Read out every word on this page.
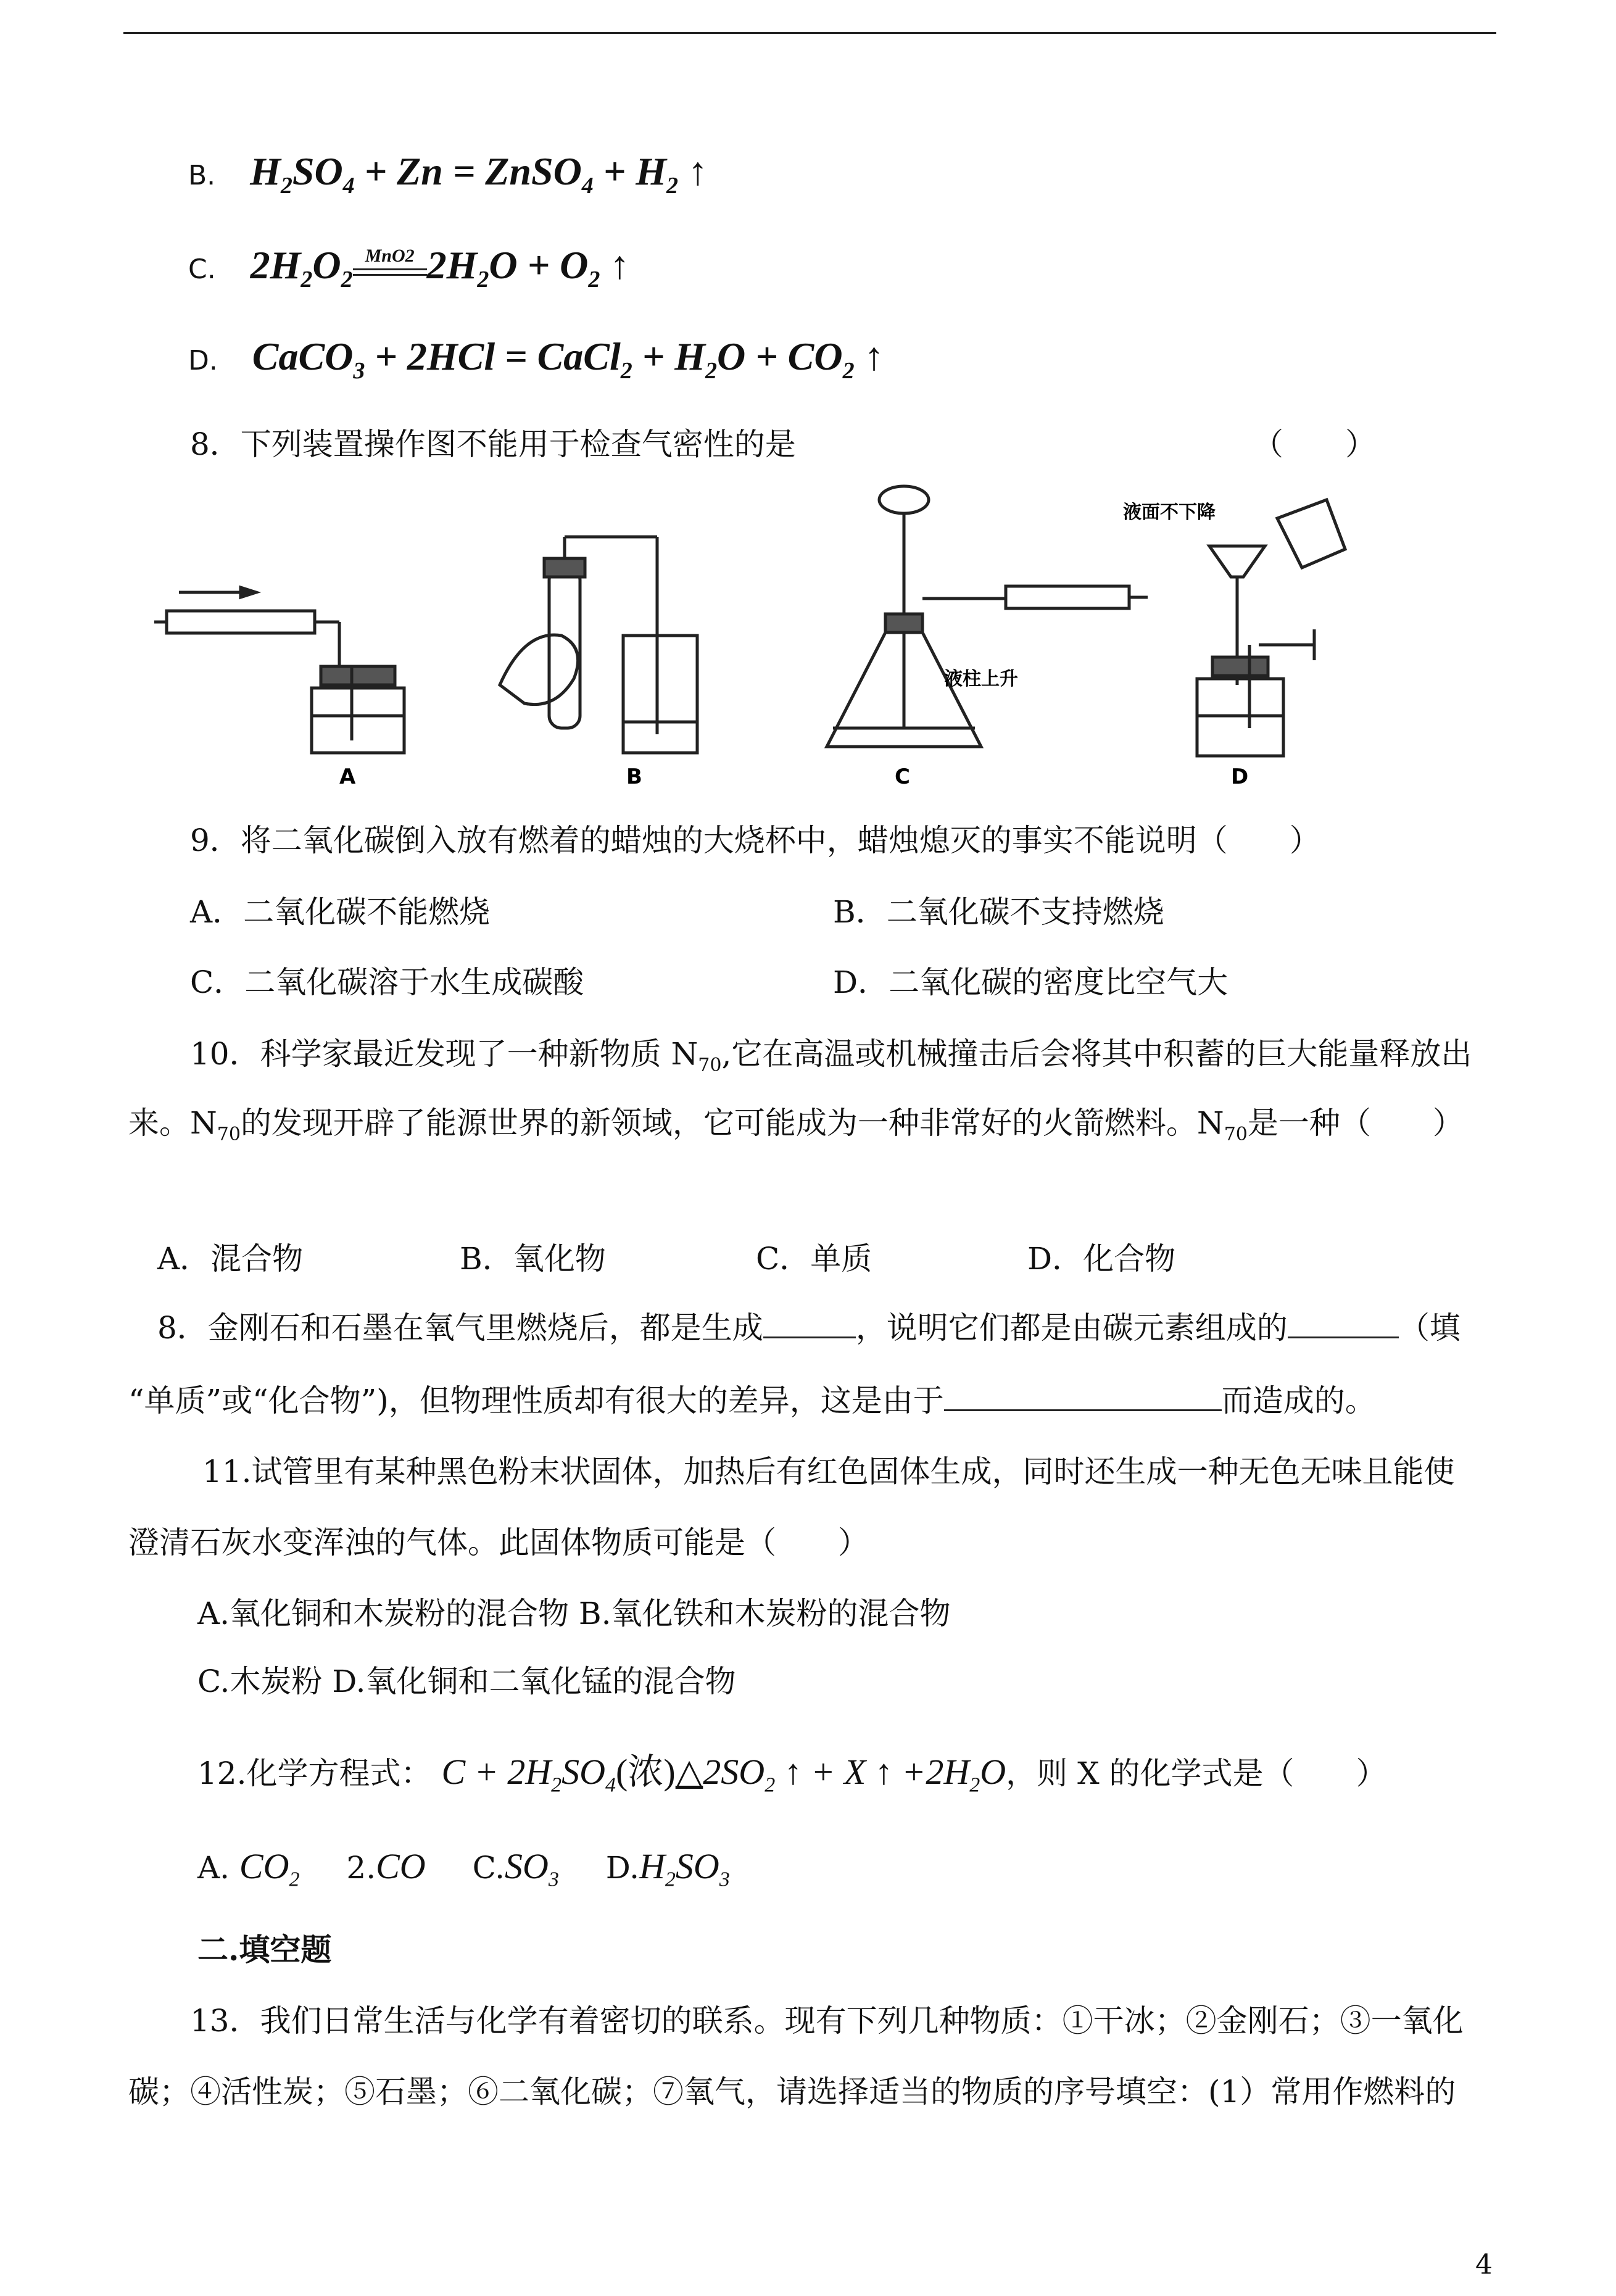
B. $H_2SO_4 + Zn$ = ZnSO$_4$ + $H_2$ ↑
C. $2H_2O_2$
MnO2 $2H_2O + O_2$ ↑
D. CaCO$_3$ + 2HCl = CaCl$_2$ + $H_2O + CO_2$ ↑
8．下列装置操作图不能用于检查气密性的是	（　　）
液柱上升
液面不下降
A	B	C	D
9．将二氧化碳倒入放有燃着的蜡烛的大烧杯中，蜡烛熄灭的事实不能说明（　　）
A．二氧化碳不能燃烧	B．二氧化碳不支持燃烧
C．二氧化碳溶于水生成碳酸	D．二氧化碳的密度比空气大
10．科学家最近发现了一种新物质 $N_{70}$,它在高温或机械撞击后会将其中积蓄的巨大能量释放出
来。$N_{70}$的发现开辟了能源世界的新领域，它可能成为一种非常好的火箭燃料。$N_{70}$是一种（　　）
A．混合物	B．氧化物	C．单质	D．化合物
8．金刚石和石墨在氧气里燃烧后，都是生成	，说明它们都是由碳元素组成的	（填
“单质”或“化合物”)，但物理性质却有很大的差异，这是由于	而造成的。
11.试管里有某种黑色粉末状固体，加热后有红色固体生成，同时还生成一种无色无味且能使
澄清石灰水变浑浊的气体。此固体物质可能是（　　）
A.氧化铜和木炭粉的混合物 B.氧化铁和木炭粉的混合物
C.木炭粉 D.氧化铜和二氧化锰的混合物
12.化学方程式： $C + 2H_2SO_4$(浓)$\triangle 2SO_2$ ↑ + X ↑ $+2H_2O$，则 X 的化学式是（　　）
A. $CO_2$ 2.CO $C.SO_3$ $D.H_2SO_3$
二.填空题
13．我们日常生活与化学有着密切的联系。现有下列几种物质：①干冰；②金刚石；③一氧化
碳；④活性炭；⑤石墨；⑥二氧化碳；⑦氧气，请选择适当的物质的序号填空：(1）常用作燃料的
4
